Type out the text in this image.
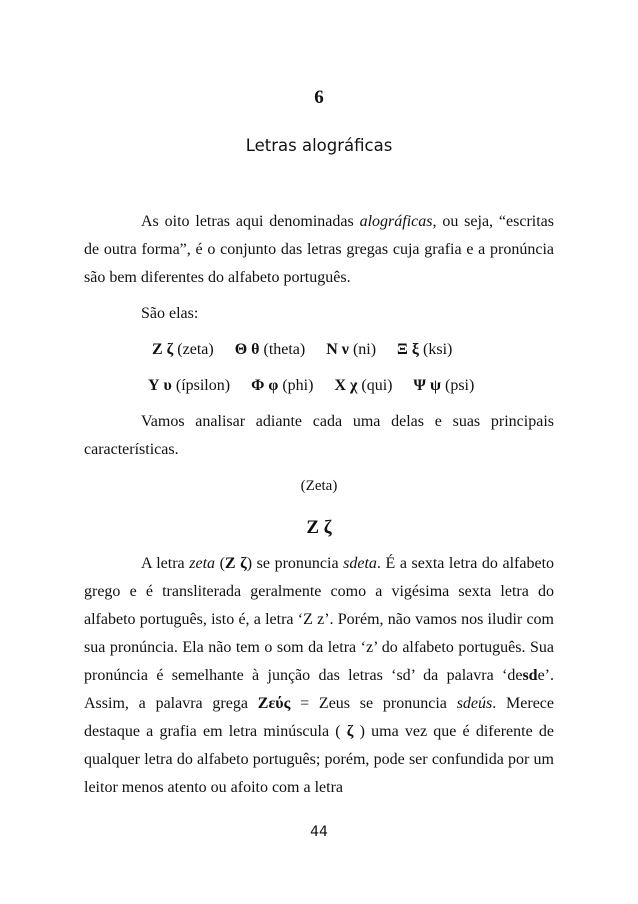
6
Letras alográficas

As oito letras aqui denominadas alográficas, ou seja, “escritas de outra forma”, é o conjunto das letras gregas cuja grafia e a pronúncia são bem diferentes do alfabeto português.

São elas:

Ζ ζ (zeta) Θ θ (theta) Ν ν (ni) Ξ ξ (ksi)
Υ υ (ípsilon) Φ φ (phi) Χ χ (qui) Ψ ψ (psi)

Vamos analisar adiante cada uma delas e suas principais características.

(Zeta)
Ζ ζ

A letra zeta (Ζ ζ) se pronuncia sdeta. É a sexta letra do alfabeto grego e é transliterada geralmente como a vigésima sexta letra do alfabeto português, isto é, a letra ‘Z z’. Porém, não vamos nos iludir com sua pronúncia. Ela não tem o som da letra ‘z’ do alfabeto português. Sua pronúncia é semelhante à junção das letras ‘sd’ da palavra ‘desde’. Assim, a palavra grega Ζεύς = Zeus se pronuncia sdeús. Merece destaque a grafia em letra minúscula ( ζ ) uma vez que é diferente de qualquer letra do alfabeto português; porém, pode ser confundida por um leitor menos atento ou afoito com a letra

44
